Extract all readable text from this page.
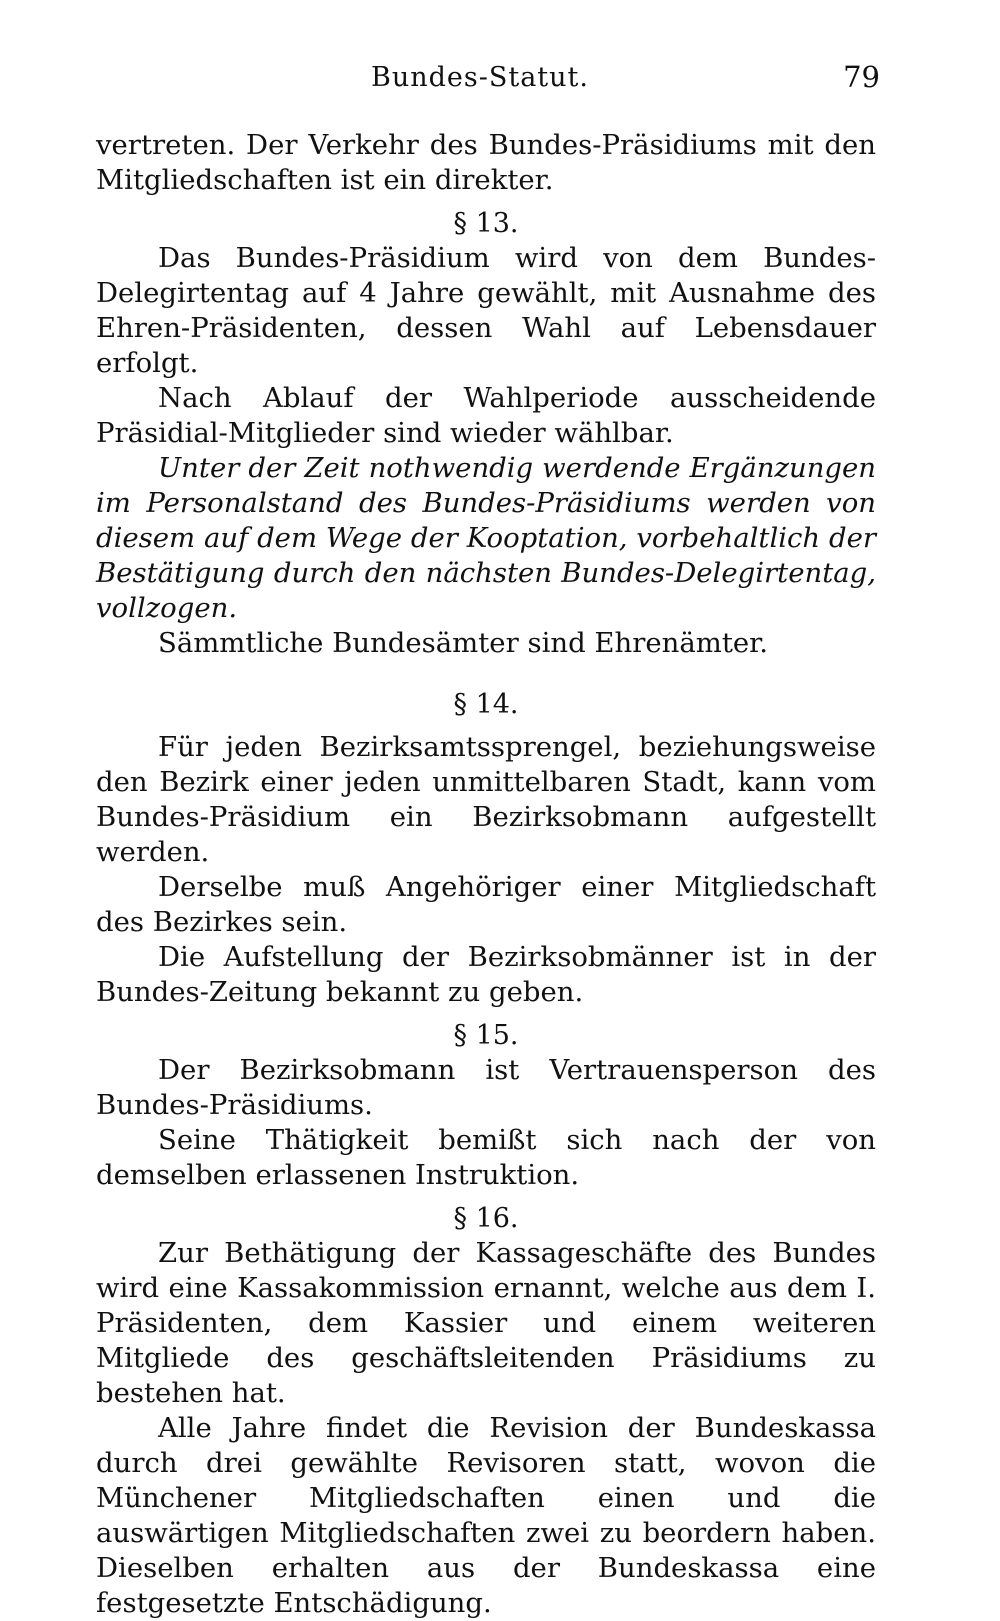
Bundes-Statut.	79

vertreten. Der Verkehr des Bundes-Präsidiums mit den Mitgliedschaften ist ein direkter.

§ 13.

Das Bundes-Präsidium wird von dem Bundes-Delegirtentag auf 4 Jahre gewählt, mit Ausnahme des Ehren-Präsidenten, dessen Wahl auf Lebensdauer erfolgt.

Nach Ablauf der Wahlperiode ausscheidende Präsidial-Mitglieder sind wieder wählbar.

Unter der Zeit nothwendig werdende Ergänzungen im Personalstand des Bundes-Präsidiums werden von diesem auf dem Wege der Kooptation, vorbehaltlich der Bestätigung durch den nächsten Bundes-Delegirtentag, vollzogen.

Sämmtliche Bundesämter sind Ehrenämter.

§ 14.

Für jeden Bezirksamtssprengel, beziehungsweise den Bezirk einer jeden unmittelbaren Stadt, kann vom Bundes-Präsidium ein Bezirksobmann aufgestellt werden.

Derselbe muß Angehöriger einer Mitgliedschaft des Bezirkes sein.

Die Aufstellung der Bezirksobmänner ist in der Bundes-Zeitung bekannt zu geben.

§ 15.

Der Bezirksobmann ist Vertrauensperson des Bundes-Präsidiums.

Seine Thätigkeit bemißt sich nach der von demselben erlassenen Instruktion.

§ 16.

Zur Bethätigung der Kassageschäfte des Bundes wird eine Kassakommission ernannt, welche aus dem I. Präsidenten, dem Kassier und einem weiteren Mitgliede des geschäftsleitenden Präsidiums zu bestehen hat.

Alle Jahre findet die Revision der Bundeskassa durch drei gewählte Revisoren statt, wovon die Münchener Mitgliedschaften einen und die auswärtigen Mitgliedschaften zwei zu beordern haben. Dieselben erhalten aus der Bundeskassa eine festgesetzte Entschädigung.
